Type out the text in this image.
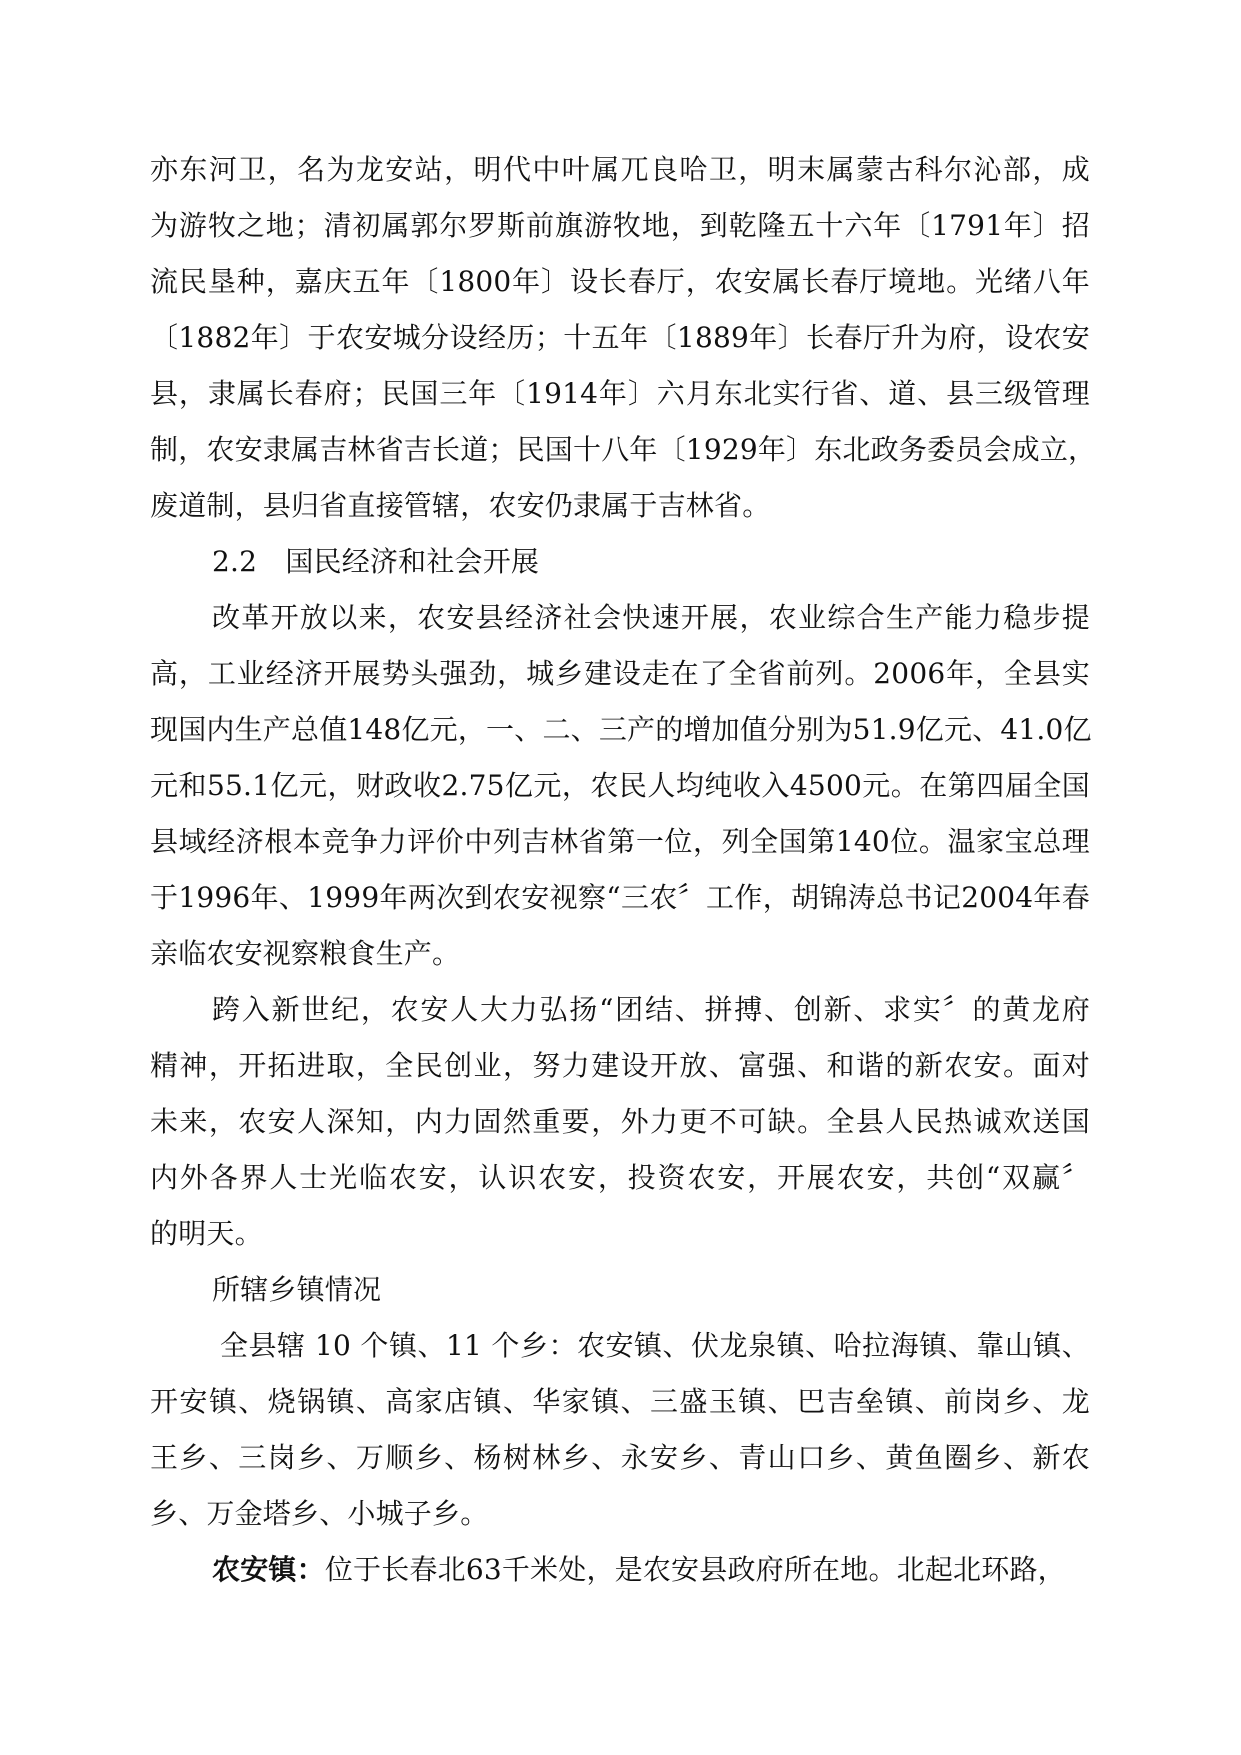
亦东河卫，名为龙安站，明代中叶属兀良哈卫，明末属蒙古科尔沁部，成
为游牧之地；清初属郭尔罗斯前旗游牧地，到乾隆五十六年〔1791年〕招
流民垦种，嘉庆五年〔1800年〕设长春厅，农安属长春厅境地。光绪八年
〔1882年〕于农安城分设经历；十五年〔1889年〕长春厅升为府，设农安
县，隶属长春府；民国三年〔1914年〕六月东北实行省、道、县三级管理
制，农安隶属吉林省吉长道；民国十八年〔1929年〕东北政务委员会成立，
废道制，县归省直接管辖，农安仍隶属于吉林省。
2.2　国民经济和社会开展
改革开放以来，农安县经济社会快速开展，农业综合生产能力稳步提
高，工业经济开展势头强劲，城乡建设走在了全省前列。2006年，全县实
现国内生产总值148亿元，一、二、三产的增加值分别为51.9亿元、41.0亿
元和55.1亿元，财政收2.75亿元，农民人均纯收入4500元。在第四届全国
县域经济根本竞争力评价中列吉林省第一位，列全国第140位。温家宝总理
于1996年、1999年两次到农安视察“三农〞工作，胡锦涛总书记2004年春
亲临农安视察粮食生产。
跨入新世纪，农安人大力弘扬“团结、拼搏、创新、求实〞的黄龙府
精神，开拓进取，全民创业，努力建设开放、富强、和谐的新农安。面对
未来，农安人深知，内力固然重要，外力更不可缺。全县人民热诚欢送国
内外各界人士光临农安，认识农安，投资农安，开展农安，共创“双赢〞
的明天。
所辖乡镇情况
全县辖 10 个镇、11 个乡：农安镇、伏龙泉镇、哈拉海镇、靠山镇、
开安镇、烧锅镇、高家店镇、华家镇、三盛玉镇、巴吉垒镇、前岗乡、龙
王乡、三岗乡、万顺乡、杨树林乡、永安乡、青山口乡、黄鱼圈乡、新农
乡、万金塔乡、小城子乡。
农安镇：位于长春北63千米处，是农安县政府所在地。北起北环路，
